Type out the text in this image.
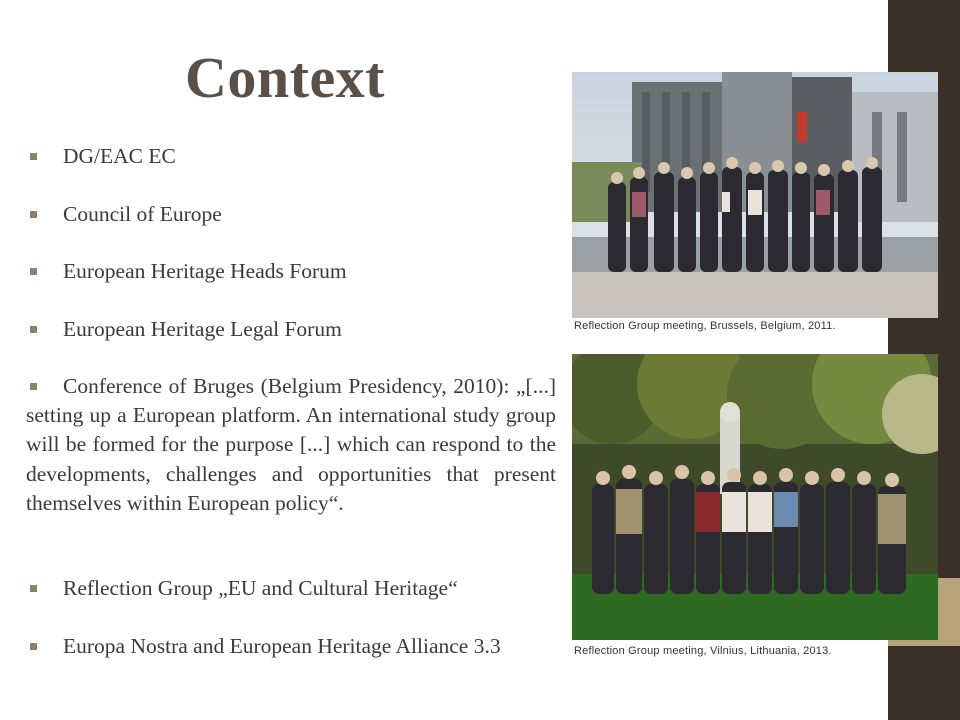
Context
DG/EAC EC
Council of Europe
European Heritage Heads Forum
European Heritage Legal Forum
Conference of Bruges (Belgium Presidency, 2010): „[...] setting up a European platform. An international study group will be formed for the purpose [...] which can respond to the developments, challenges and opportunities that present themselves within European policy“.
Reflection Group „EU and Cultural Heritage“
Europa Nostra and European Heritage Alliance 3.3
Reflection Group meeting, Brussels, Belgium, 2011.
Reflection Group meeting, Vilnius, Lithuania, 2013.
